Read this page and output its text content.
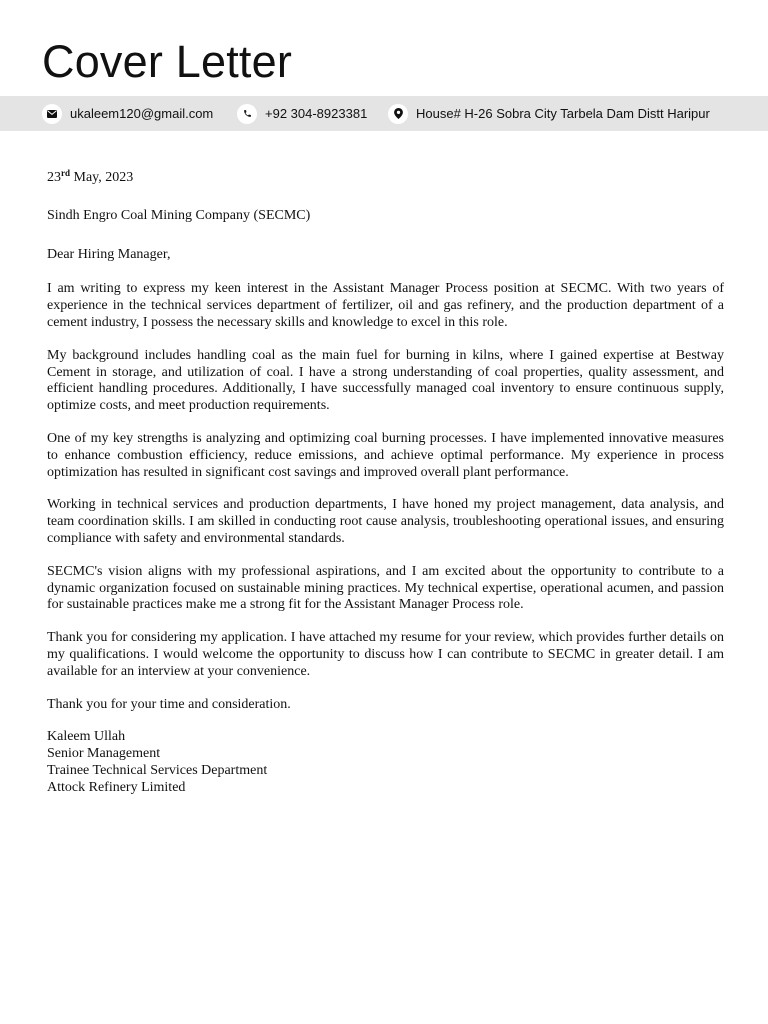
Cover Letter
ukaleem120@gmail.com	+92 304-8923381	House# H-26 Sobra City Tarbela Dam Distt Haripur

23rd May, 2023

Sindh Engro Coal Mining Company (SECMC)

Dear Hiring Manager,

I am writing to express my keen interest in the Assistant Manager Process position at SECMC. With two years of experience in the technical services department of fertilizer, oil and gas refinery, and the production department of a cement industry, I possess the necessary skills and knowledge to excel in this role.

My background includes handling coal as the main fuel for burning in kilns, where I gained expertise at Bestway Cement in storage, and utilization of coal. I have a strong understanding of coal properties, quality assessment, and efficient handling procedures. Additionally, I have successfully managed coal inventory to ensure continuous supply, optimize costs, and meet production requirements.

One of my key strengths is analyzing and optimizing coal burning processes. I have implemented innovative measures to enhance combustion efficiency, reduce emissions, and achieve optimal performance. My experience in process optimization has resulted in significant cost savings and improved overall plant performance.

Working in technical services and production departments, I have honed my project management, data analysis, and team coordination skills. I am skilled in conducting root cause analysis, troubleshooting operational issues, and ensuring compliance with safety and environmental standards.

SECMC's vision aligns with my professional aspirations, and I am excited about the opportunity to contribute to a dynamic organization focused on sustainable mining practices. My technical expertise, operational acumen, and passion for sustainable practices make me a strong fit for the Assistant Manager Process role.

Thank you for considering my application. I have attached my resume for your review, which provides further details on my qualifications. I would welcome the opportunity to discuss how I can contribute to SECMC in greater detail. I am available for an interview at your convenience.

Thank you for your time and consideration.

Kaleem Ullah
Senior Management
Trainee Technical Services Department
Attock Refinery Limited
